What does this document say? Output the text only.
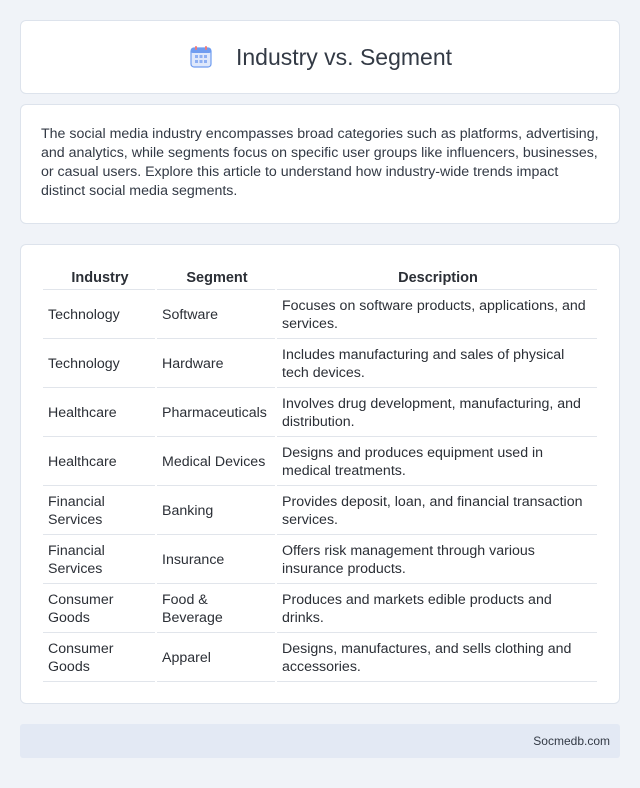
Industry vs. Segment

The social media industry encompasses broad categories such as platforms, advertising, and analytics, while segments focus on specific user groups like influencers, businesses, or casual users. Explore this article to understand how industry-wide trends impact distinct social media segments.

Industry	Segment	Description
Technology	Software	Focuses on software products, applications, and services.
Technology	Hardware	Includes manufacturing and sales of physical tech devices.
Healthcare	Pharmaceuticals	Involves drug development, manufacturing, and distribution.
Healthcare	Medical Devices	Designs and produces equipment used in medical treatments.
Financial Services	Banking	Provides deposit, loan, and financial transaction services.
Financial Services	Insurance	Offers risk management through various insurance products.
Consumer Goods	Food & Beverage	Produces and markets edible products and drinks.
Consumer Goods	Apparel	Designs, manufactures, and sells clothing and accessories.
Socmedb.com
